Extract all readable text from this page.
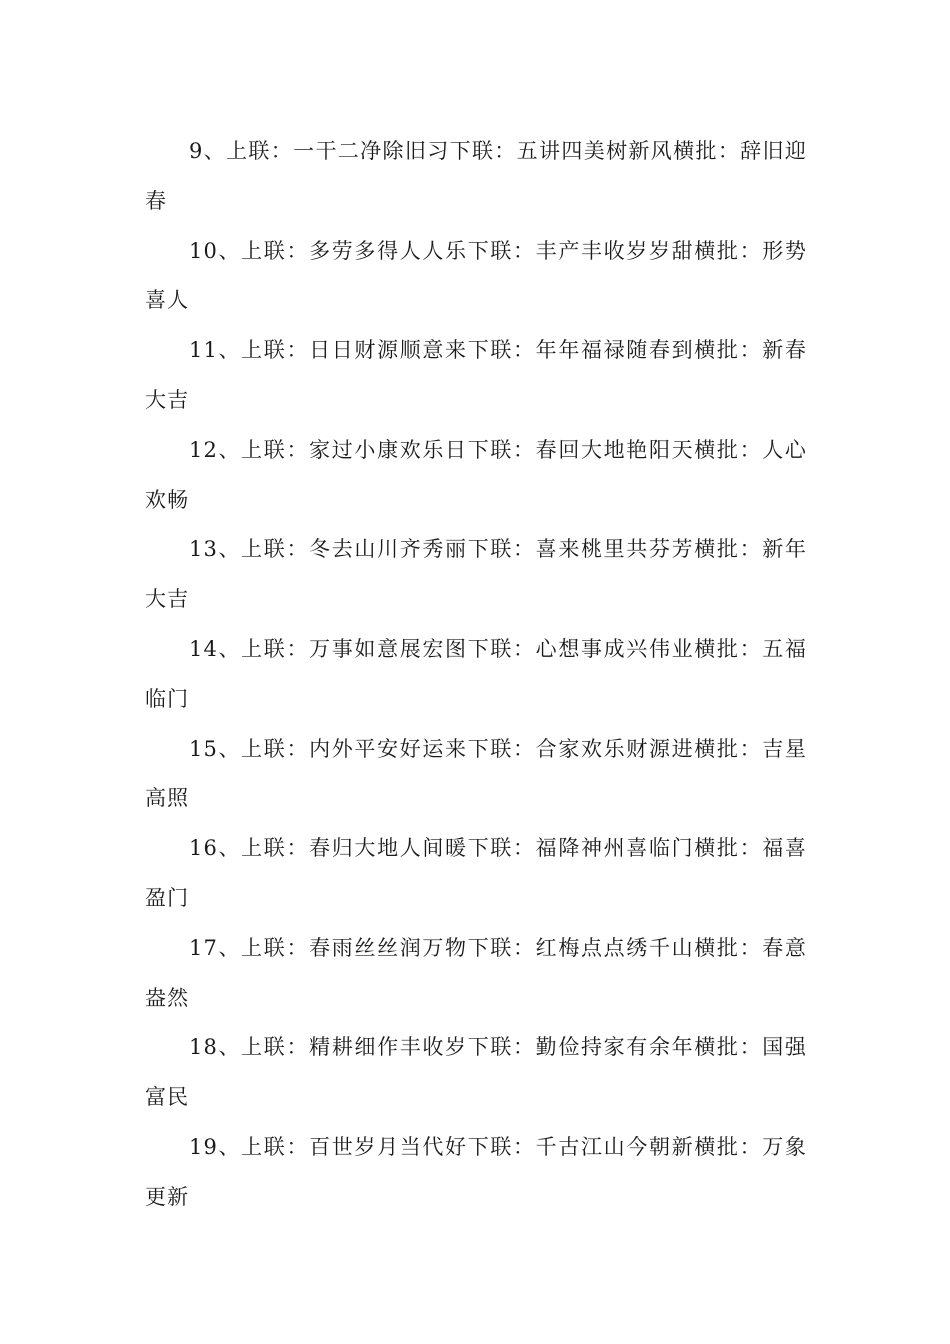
9、上联：一干二净除旧习下联：五讲四美树新风横批：辞旧迎春

10、上联：多劳多得人人乐下联：丰产丰收岁岁甜横批：形势喜人

11、上联：日日财源顺意来下联：年年福禄随春到横批：新春大吉

12、上联：家过小康欢乐日下联：春回大地艳阳天横批：人心欢畅

13、上联：冬去山川齐秀丽下联：喜来桃里共芬芳横批：新年大吉

14、上联：万事如意展宏图下联：心想事成兴伟业横批：五福临门

15、上联：内外平安好运来下联：合家欢乐财源进横批：吉星高照

16、上联：春归大地人间暖下联：福降神州喜临门横批：福喜盈门

17、上联：春雨丝丝润万物下联：红梅点点绣千山横批：春意盎然

18、上联：精耕细作丰收岁下联：勤俭持家有余年横批：国强富民

19、上联：百世岁月当代好下联：千古江山今朝新横批：万象更新
